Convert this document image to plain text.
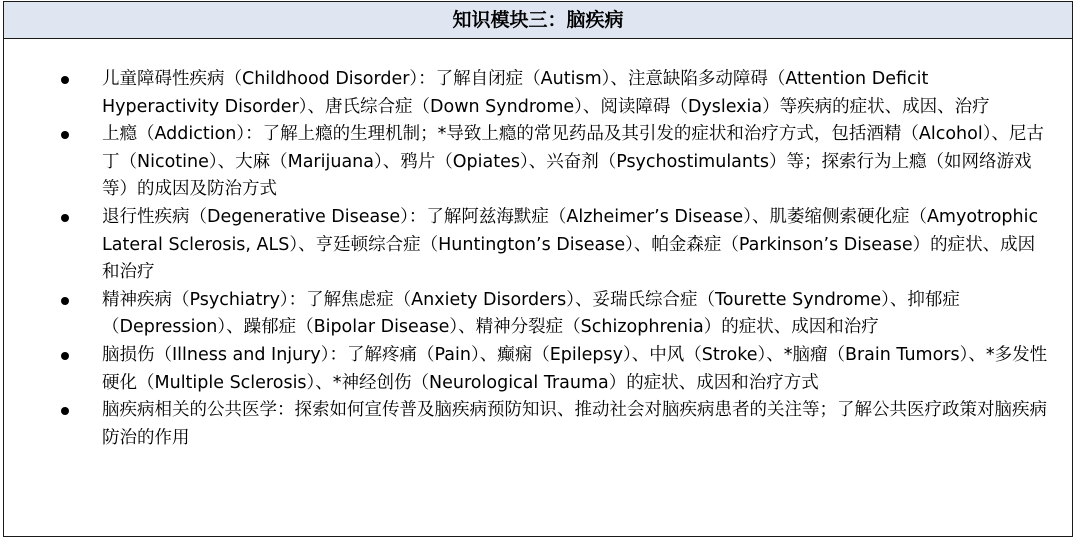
知识模块三：脑疾病
儿童障碍性疾病（Childhood Disorder）：了解自闭症（Autism）、注意缺陷多动障碍（Attention Deficit Hyperactivity Disorder）、唐氏综合症（Down Syndrome）、阅读障碍（Dyslexia）等疾病的症状、成因、治疗
上瘾（Addiction）：了解上瘾的生理机制；*导致上瘾的常见药品及其引发的症状和治疗方式，包括酒精（Alcohol）、尼古丁（Nicotine）、大麻（Marijuana）、鸦片（Opiates）、兴奋剂（Psychostimulants）等；探索行为上瘾（如网络游戏等）的成因及防治方式
退行性疾病（Degenerative Disease）：了解阿兹海默症（Alzheimer’s Disease）、肌萎缩侧索硬化症（Amyotrophic Lateral Sclerosis, ALS）、亨廷顿综合症（Huntington’s Disease）、帕金森症（Parkinson’s Disease）的症状、成因和治疗
精神疾病（Psychiatry）：了解焦虑症（Anxiety Disorders）、妥瑞氏综合症（Tourette Syndrome）、抑郁症（Depression）、躁郁症（Bipolar Disease）、精神分裂症（Schizophrenia）的症状、成因和治疗
脑损伤（Illness and Injury）：了解疼痛（Pain）、癫痫（Epilepsy）、中风（Stroke）、*脑瘤（Brain Tumors）、*多发性硬化（Multiple Sclerosis）、*神经创伤（Neurological Trauma）的症状、成因和治疗方式
脑疾病相关的公共医学：探索如何宣传普及脑疾病预防知识、推动社会对脑疾病患者的关注等；了解公共医疗政策对脑疾病防治的作用
